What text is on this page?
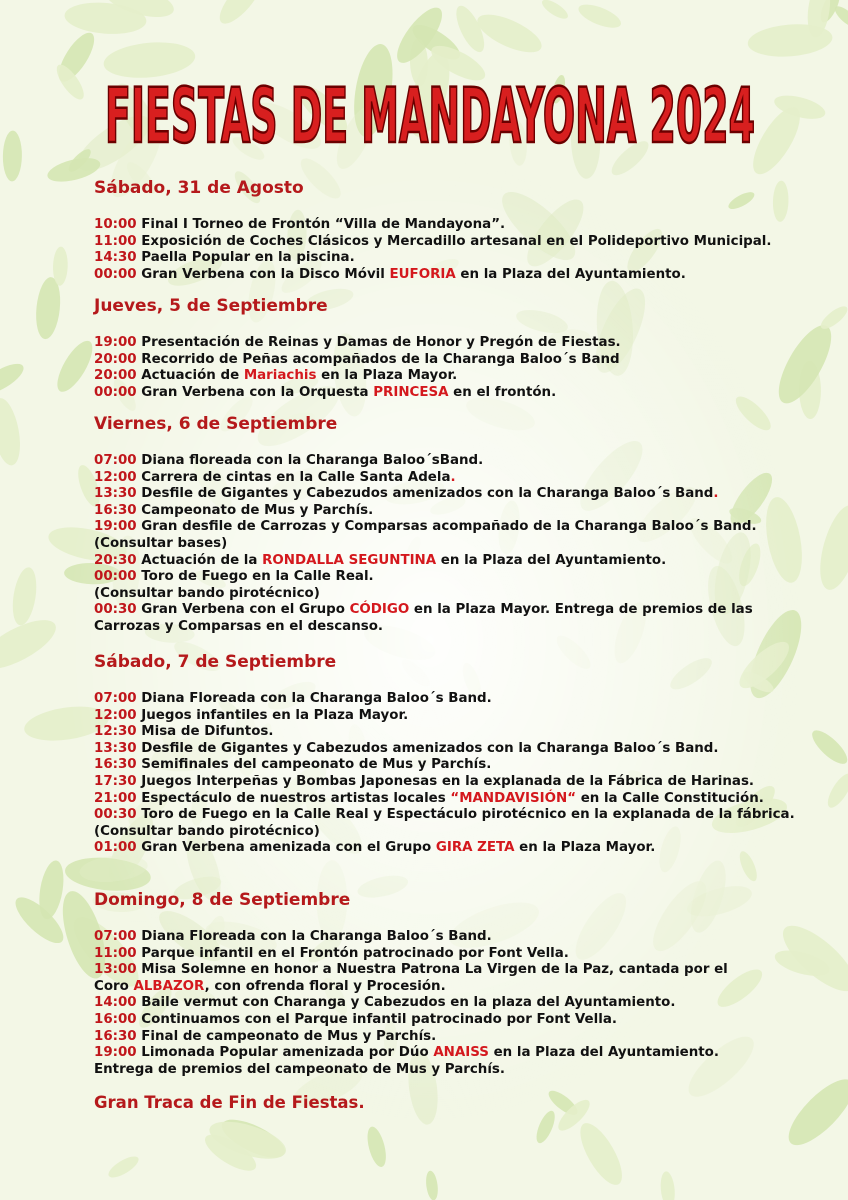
FIESTAS DE MANDAYONA 2024
Sábado, 31 de Agosto
10:00 Final I Torneo de Frontón “Villa de Mandayona”.
11:00 Exposición de Coches Clásicos y Mercadillo artesanal en el Polideportivo Municipal.
14:30 Paella Popular en la piscina.
00:00 Gran Verbena con la Disco Móvil EUFORIA en la Plaza del Ayuntamiento.
Jueves, 5 de Septiembre
19:00 Presentación de Reinas y Damas de Honor y Pregón de Fiestas.
20:00 Recorrido de Peñas acompañados de la Charanga Baloo´s Band
20:00 Actuación de Mariachis en la Plaza Mayor.
00:00 Gran Verbena con la Orquesta PRINCESA en el frontón.
Viernes, 6 de Septiembre
07:00 Diana floreada con la Charanga Baloo´sBand.
12:00 Carrera de cintas en la Calle Santa Adela.
13:30 Desfile de Gigantes y Cabezudos amenizados con la Charanga Baloo´s Band.
16:30 Campeonato de Mus y Parchís.
19:00 Gran desfile de Carrozas y Comparsas acompañado de la Charanga Baloo´s Band.
(Consultar bases)
20:30 Actuación de la RONDALLA SEGUNTINA en la Plaza del Ayuntamiento.
00:00 Toro de Fuego en la Calle Real.
(Consultar bando pirotécnico)
00:30 Gran Verbena con el Grupo CÓDIGO en la Plaza Mayor. Entrega de premios de las
Carrozas y Comparsas en el descanso.
Sábado, 7 de Septiembre
07:00 Diana Floreada con la Charanga Baloo´s Band.
12:00 Juegos infantiles en la Plaza Mayor.
12:30 Misa de Difuntos.
13:30 Desfile de Gigantes y Cabezudos amenizados con la Charanga Baloo´s Band.
16:30 Semifinales del campeonato de Mus y Parchís.
17:30 Juegos Interpeñas y Bombas Japonesas en la explanada de la Fábrica de Harinas.
21:00 Espectáculo de nuestros artistas locales “MANDAVISIÓN“ en la Calle Constitución.
00:30 Toro de Fuego en la Calle Real y Espectáculo pirotécnico en la explanada de la fábrica.
(Consultar bando pirotécnico)
01:00 Gran Verbena amenizada con el Grupo GIRA ZETA en la Plaza Mayor.
Domingo, 8 de Septiembre
07:00 Diana Floreada con la Charanga Baloo´s Band.
11:00 Parque infantil en el Frontón patrocinado por Font Vella.
13:00 Misa Solemne en honor a Nuestra Patrona La Virgen de la Paz, cantada por el
Coro ALBAZOR, con ofrenda floral y Procesión.
14:00 Baile vermut con Charanga y Cabezudos en la plaza del Ayuntamiento.
16:00 Continuamos con el Parque infantil patrocinado por Font Vella.
16:30 Final de campeonato de Mus y Parchís.
19:00 Limonada Popular amenizada por Dúo ANAISS en la Plaza del Ayuntamiento.
Entrega de premios del campeonato de Mus y Parchís.
Gran Traca de Fin de Fiestas.
